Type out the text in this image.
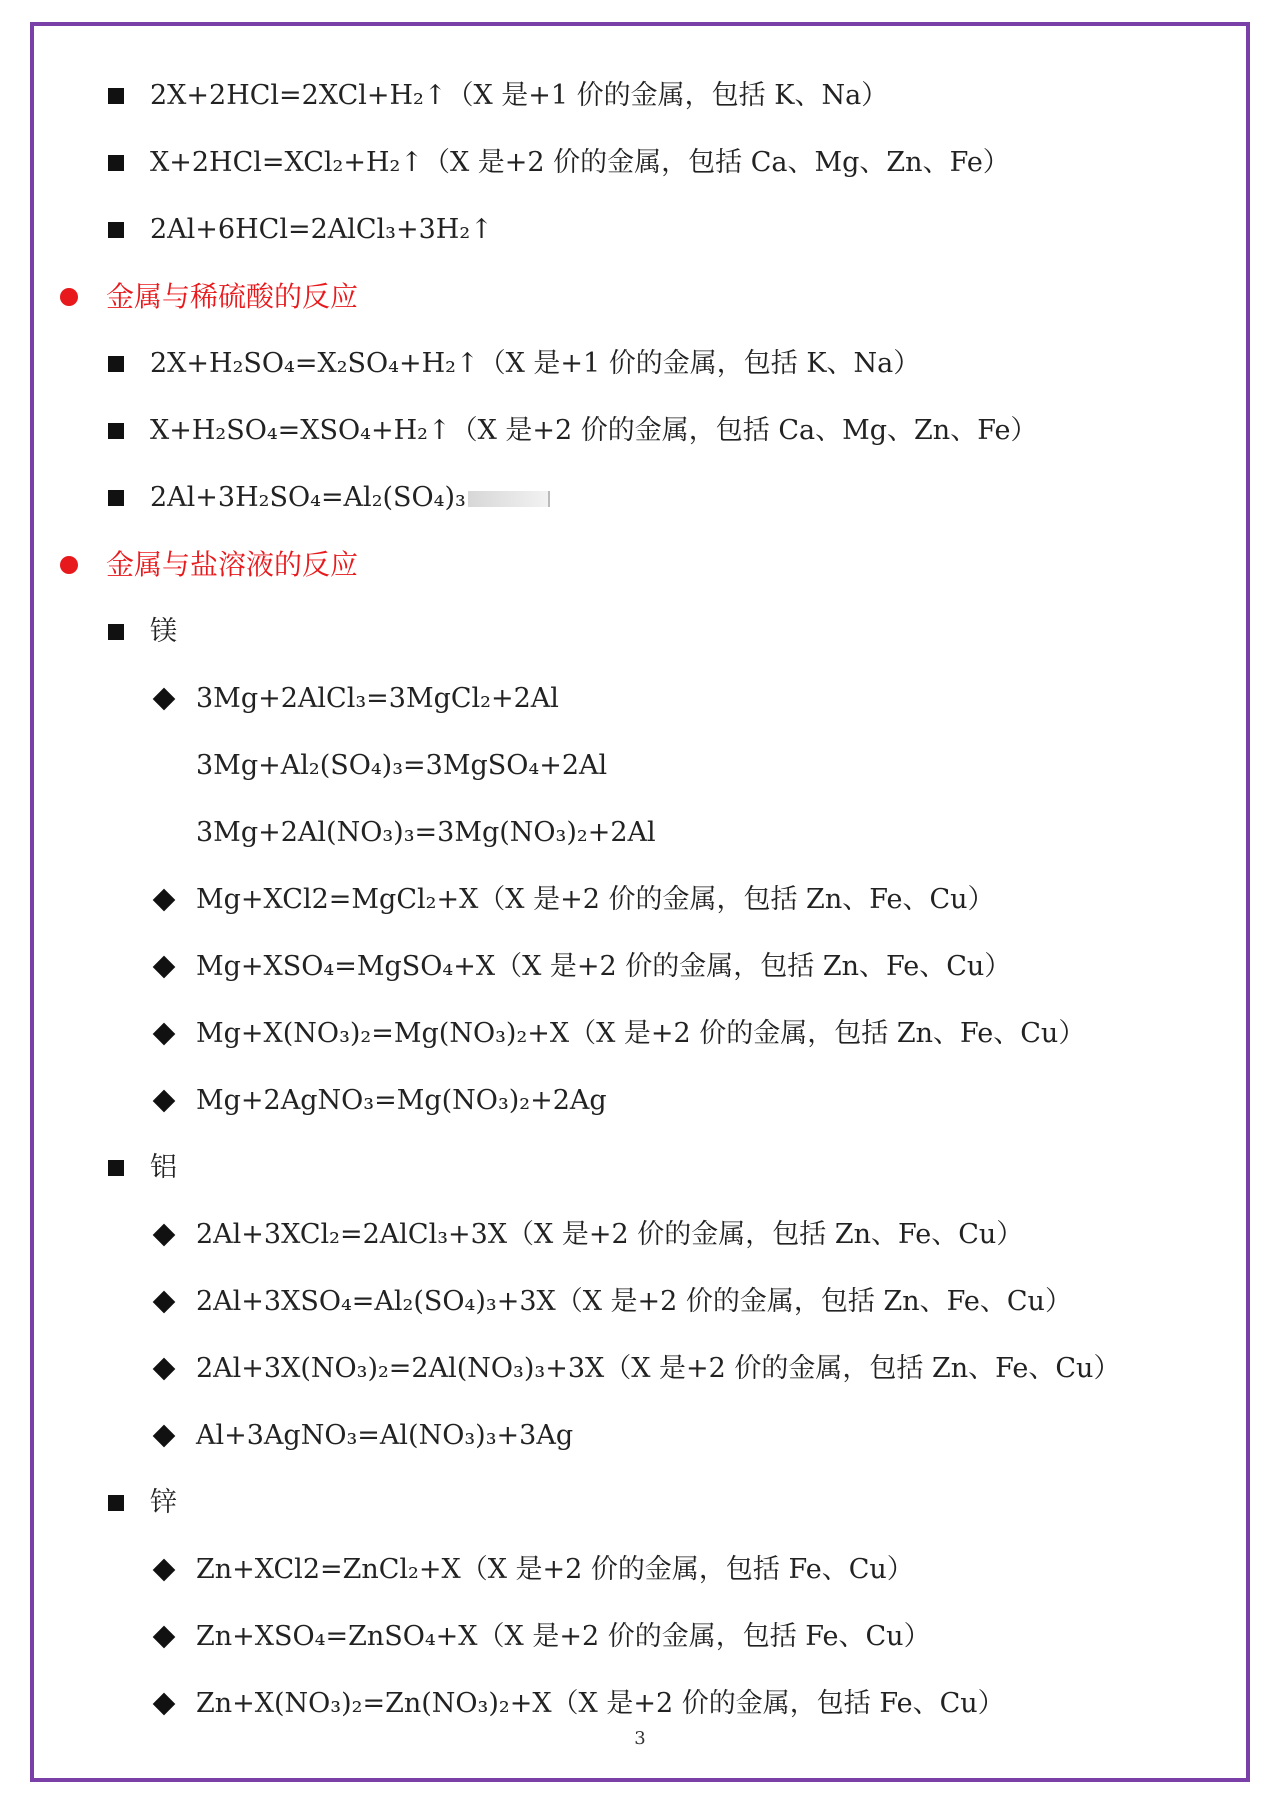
2X+2HCl=2XCl+H₂↑（X 是+1 价的金属，包括 K、Na）
X+2HCl=XCl₂+H₂↑（X 是+2 价的金属，包括 Ca、Mg、Zn、Fe）
2Al+6HCl=2AlCl₃+3H₂↑
金属与稀硫酸的反应
2X+H₂SO₄=X₂SO₄+H₂↑（X 是+1 价的金属，包括 K、Na）
X+H₂SO₄=XSO₄+H₂↑（X 是+2 价的金属，包括 Ca、Mg、Zn、Fe）
2Al+3H₂SO₄=Al₂(SO₄)₃
金属与盐溶液的反应
镁
3Mg+2AlCl₃=3MgCl₂+2Al
3Mg+Al₂(SO₄)₃=3MgSO₄+2Al
3Mg+2Al(NO₃)₃=3Mg(NO₃)₂+2Al
Mg+XCl2=MgCl₂+X（X 是+2 价的金属，包括 Zn、Fe、Cu）
Mg+XSO₄=MgSO₄+X（X 是+2 价的金属，包括 Zn、Fe、Cu）
Mg+X(NO₃)₂=Mg(NO₃)₂+X（X 是+2 价的金属，包括 Zn、Fe、Cu）
Mg+2AgNO₃=Mg(NO₃)₂+2Ag
铝
2Al+3XCl₂=2AlCl₃+3X（X 是+2 价的金属，包括 Zn、Fe、Cu）
2Al+3XSO₄=Al₂(SO₄)₃+3X（X 是+2 价的金属，包括 Zn、Fe、Cu）
2Al+3X(NO₃)₂=2Al(NO₃)₃+3X（X 是+2 价的金属，包括 Zn、Fe、Cu）
Al+3AgNO₃=Al(NO₃)₃+3Ag
锌
Zn+XCl2=ZnCl₂+X（X 是+2 价的金属，包括 Fe、Cu）
Zn+XSO₄=ZnSO₄+X（X 是+2 价的金属，包括 Fe、Cu）
Zn+X(NO₃)₂=Zn(NO₃)₂+X（X 是+2 价的金属，包括 Fe、Cu）
3
